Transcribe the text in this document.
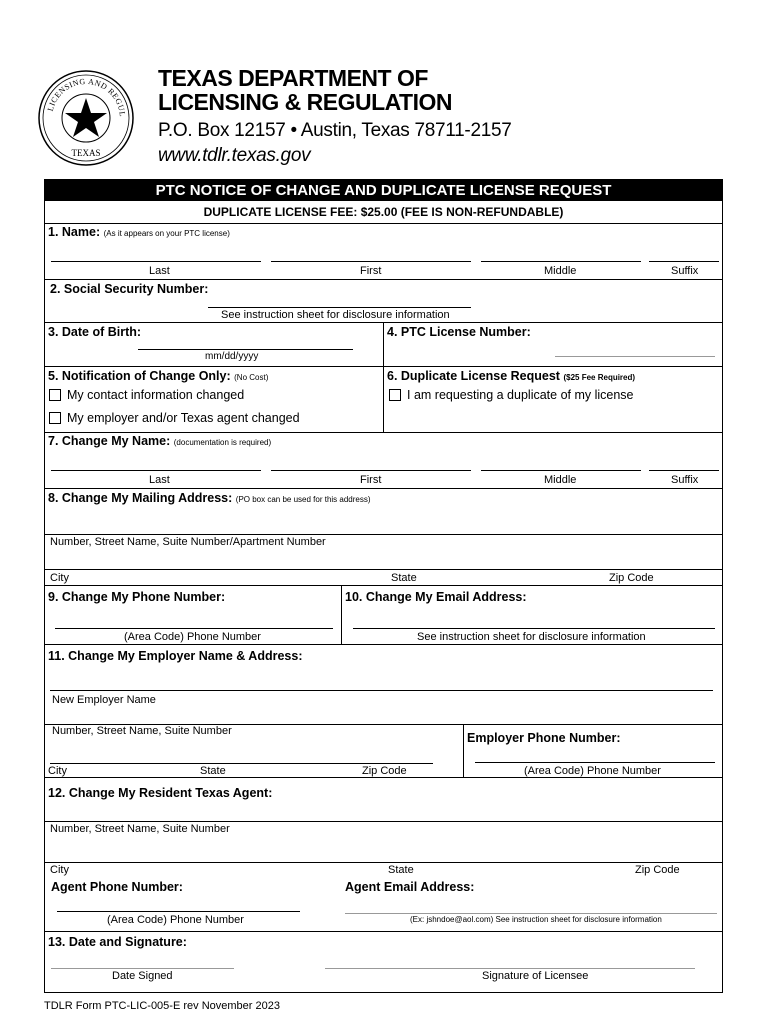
LICENSING AND REGUL
TEXAS
TEXAS DEPARTMENT OF
LICENSING & REGULATION
P.O. Box 12157 • Austin, Texas 78711-2157
www.tdlr.texas.gov
PTC NOTICE OF CHANGE AND DUPLICATE LICENSE REQUEST
DUPLICATE LICENSE FEE: $25.00 (FEE IS NON-REFUNDABLE)
1. Name: (As it appears on your PTC license)
Last	First	Middle	Suffix
2. Social Security Number:
See instruction sheet for disclosure information
3. Date of Birth:
mm/dd/yyyy
4. PTC License Number:
5. Notification of Change Only: (No Cost)
My contact information changed
My employer and/or Texas agent changed
6. Duplicate License Request ($25 Fee Required)
I am requesting a duplicate of my license
7. Change My Name: (documentation is required)
Last	First	Middle	Suffix
8. Change My Mailing Address: (PO box can be used for this address)
Number, Street Name, Suite Number/Apartment Number
City	State	Zip Code
9. Change My Phone Number:
(Area Code) Phone Number
10. Change My Email Address:
See instruction sheet for disclosure information
11. Change My Employer Name & Address:
New Employer Name
Number, Street Name, Suite Number
City	State	Zip Code
Employer Phone Number:
(Area Code) Phone Number
12. Change My Resident Texas Agent:
Number, Street Name, Suite Number
City	State	Zip Code
Agent Phone Number:
(Area Code) Phone Number
Agent Email Address:
(Ex: jshndoe@aol.com) See instruction sheet for disclosure information
13. Date and Signature:
Date Signed	Signature of Licensee
TDLR Form PTC-LIC-005-E rev November 2023
